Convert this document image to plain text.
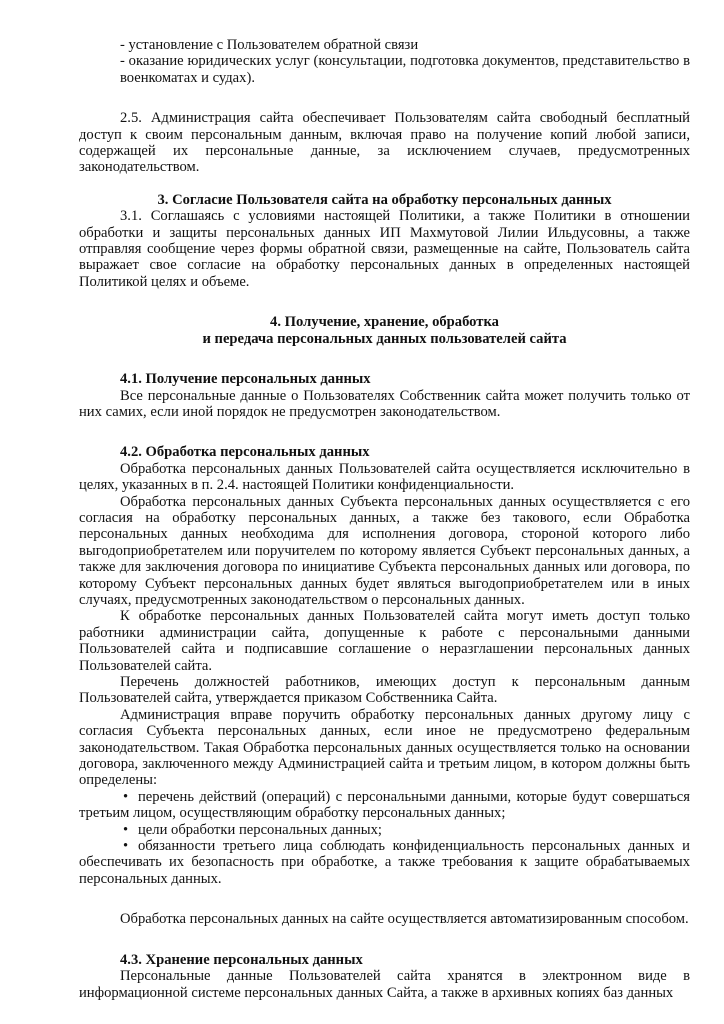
- установление с Пользователем обратной связи

- оказание юридических услуг (консультации, подготовка документов, представительство в военкоматах и судах).

2.5. Администрация сайта обеспечивает Пользователям сайта свободный бесплатный доступ к своим персональным данным, включая право на получение копий любой записи, содержащей их персональные данные, за исключением случаев, предусмотренных законодательством.

3. Согласие Пользователя сайта на обработку персональных данных

3.1. Соглашаясь с условиями настоящей Политики, а также Политики в отношении обработки и защиты персональных данных ИП Махмутовой Лилии Ильдусовны, а также отправляя сообщение через формы обратной связи, размещенные на сайте, Пользователь сайта выражает свое согласие на обработку персональных данных в определенных настоящей Политикой целях и объеме.

4. Получение, хранение, обработка

и передача персональных данных пользователей сайта

4.1. Получение персональных данных

Все персональные данные о Пользователях Собственник сайта может получить только от них самих, если иной порядок не предусмотрен законодательством.

4.2. Обработка персональных данных

Обработка персональных данных Пользователей сайта осуществляется исключительно в целях, указанных в п. 2.4. настоящей Политики конфиденциальности.

Обработка персональных данных Субъекта персональных данных осуществляется с его согласия на обработку персональных данных, а также без такового, если Обработка персональных данных необходима для исполнения договора, стороной которого либо выгодоприобретателем или поручителем по которому является Субъект персональных данных, а также для заключения договора по инициативе Субъекта персональных данных или договора, по которому Субъект персональных данных будет являться выгодоприобретателем или в иных случаях, предусмотренных законодательством о персональных данных.

К обработке персональных данных Пользователей сайта могут иметь доступ только работники администрации сайта, допущенные к работе с персональными данными Пользователей сайта и подписавшие соглашение о неразглашении персональных данных Пользователей сайта.

Перечень должностей работников, имеющих доступ к персональным данным Пользователей сайта, утверждается приказом Собственника Сайта.

Администрация вправе поручить обработку персональных данных другому лицу с согласия Субъекта персональных данных, если иное не предусмотрено федеральным законодательством. Такая Обработка персональных данных осуществляется только на основании договора, заключенного между Администрацией сайта и третьим лицом, в котором должны быть определены:

• перечень действий (операций) с персональными данными, которые будут совершаться третьим лицом, осуществляющим обработку персональных данных;
• цели обработки персональных данных;
• обязанности третьего лица соблюдать конфиденциальность персональных данных и обеспечивать их безопасность при обработке, а также требования к защите обрабатываемых персональных данных.

Обработка персональных данных на сайте осуществляется автоматизированным способом.

4.3. Хранение персональных данных

Персональные данные Пользователей сайта хранятся в электронном виде в информационной системе персональных данных Сайта, а также в архивных копиях баз данных
